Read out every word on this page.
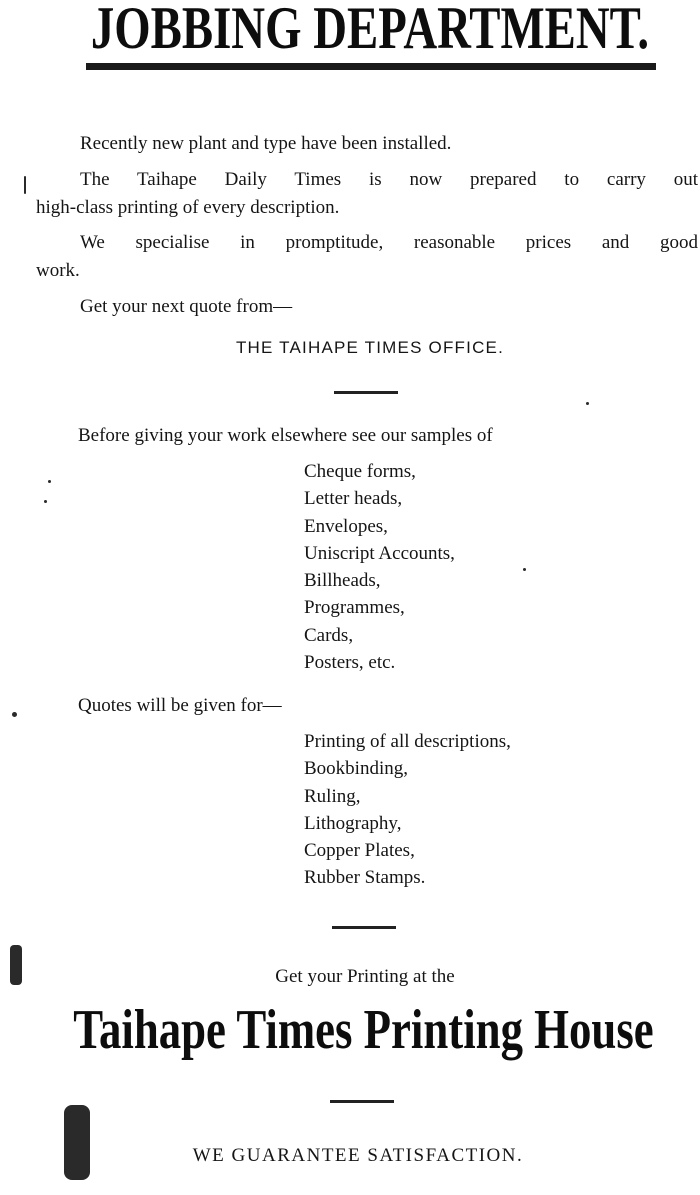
JOBBING DEPARTMENT.
Recently new plant and type have been installed.
The Taihape Daily Times is now prepared to carry out
high-class printing of every description.
We specialise in promptitude, reasonable prices and good
work.
Get your next quote from—
THE TAIHAPE TIMES OFFICE.
Before giving your work elsewhere see our samples of
Cheque forms,
Letter heads,
Envelopes,
Uniscript Accounts,
Billheads,
Programmes,
Cards,
Posters, etc.
Quotes will be given for—
Printing of all descriptions,
Bookbinding,
Ruling,
Lithography,
Copper Plates,
Rubber Stamps.
Get your Printing at the
Taihape Times Printing House
WE GUARANTEE SATISFACTION.
